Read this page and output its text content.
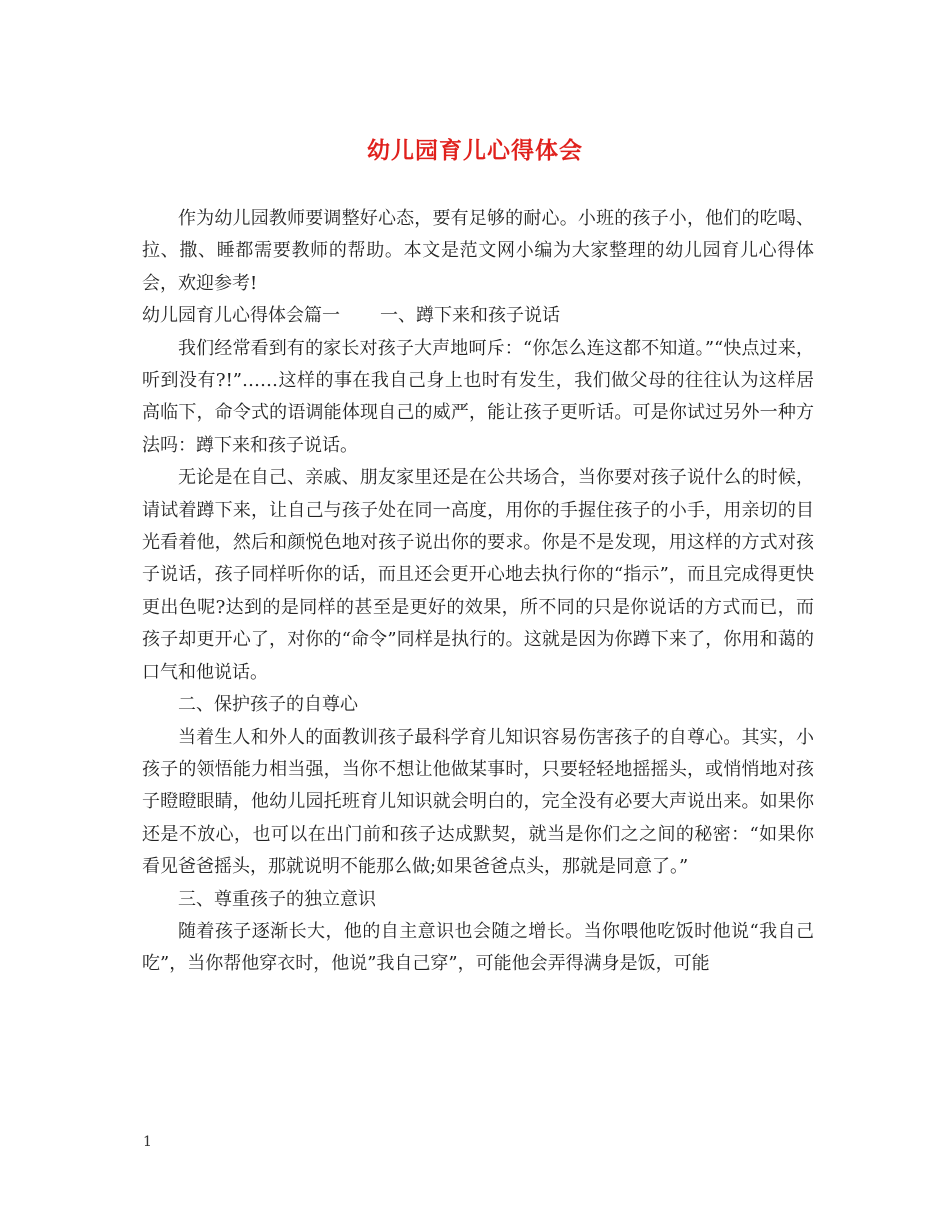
幼儿园育儿心得体会

作为幼儿园教师要调整好心态，要有足够的耐心。小班的孩子小，他们的吃喝、拉、撒、睡都需要教师的帮助。本文是范文网小编为大家整理的幼儿园育儿心得体会，欢迎参考!

幼儿园育儿心得体会篇一 一、蹲下来和孩子说话

我们经常看到有的家长对孩子大声地呵斥：“你怎么连这都不知道。”“快点过来，听到没有?!”……这样的事在我自己身上也时有发生，我们做父母的往往认为这样居高临下，命令式的语调能体现自己的威严，能让孩子更听话。可是你试过另外一种方法吗：蹲下来和孩子说话。

无论是在自己、亲戚、朋友家里还是在公共场合，当你要对孩子说什么的时候，请试着蹲下来，让自己与孩子处在同一高度，用你的手握住孩子的小手，用亲切的目光看着他，然后和颜悦色地对孩子说出你的要求。你是不是发现，用这样的方式对孩子说话，孩子同样听你的话，而且还会更开心地去执行你的“指示”，而且完成得更快更出色呢?达到的是同样的甚至是更好的效果，所不同的只是你说话的方式而已，而孩子却更开心了，对你的“命令”同样是执行的。这就是因为你蹲下来了，你用和蔼的口气和他说话。

二、保护孩子的自尊心

当着生人和外人的面教训孩子最科学育儿知识容易伤害孩子的自尊心。其实，小孩子的领悟能力相当强，当你不想让他做某事时，只要轻轻地摇摇头，或悄悄地对孩子瞪瞪眼睛，他幼儿园托班育儿知识就会明白的，完全没有必要大声说出来。如果你还是不放心，也可以在出门前和孩子达成默契，就当是你们之之间的秘密：“如果你看见爸爸摇头，那就说明不能那么做;如果爸爸点头，那就是同意了。”

三、尊重孩子的独立意识

随着孩子逐渐长大，他的自主意识也会随之增长。当你喂他吃饭时他说“我自己吃”，当你帮他穿衣时，他说”我自己穿”，可能他会弄得满身是饭，可能

1
